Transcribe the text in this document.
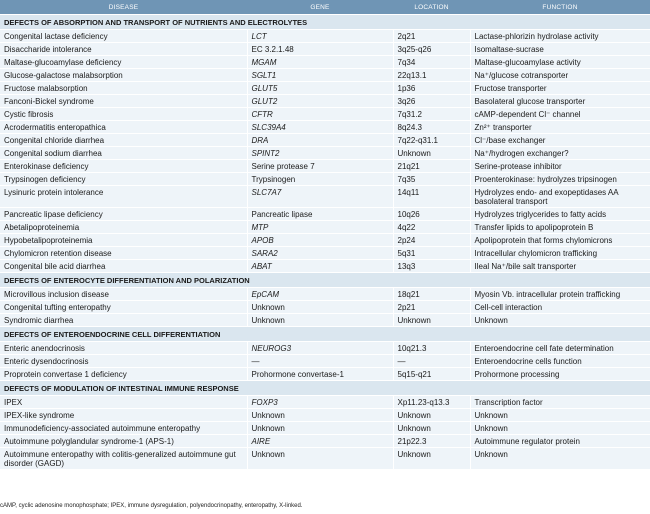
DISEASE	GENE	LOCATION	FUNCTION
DEFECTS OF ABSORPTION AND TRANSPORT OF NUTRIENTS AND ELECTROLYTES			
Congenital lactase deficiency	LCT	2q21	Lactase-phlorizin hydrolase activity
Disaccharide intolerance	EC 3.2.1.48	3q25-q26	Isomaltase-sucrase
Maltase-glucoamylase deficiency	MGAM	7q34	Maltase-glucoamylase activity
Glucose-galactose malabsorption	SGLT1	22q13.1	Na⁺/glucose cotransporter
Fructose malabsorption	GLUT5	1p36	Fructose transporter
Fanconi-Bickel syndrome	GLUT2	3q26	Basolateral glucose transporter
Cystic fibrosis	CFTR	7q31.2	cAMP-dependent Cl⁻ channel
Acrodermatitis enteropathica	SLC39A4	8q24.3	Zn²⁺ transporter
Congenital chloride diarrhea	DRA	7q22-q31.1	Cl⁻/base exchanger
Congenital sodium diarrhea	SPINT2	Unknown	Na⁺/hydrogen exchanger?
Enterokinase deficiency	Serine protease 7	21q21	Serine-protease inhibitor
Trypsinogen deficiency	Trypsinogen	7q35	Proenterokinase: hydrolyzes tripsinogen
Lysinuric protein intolerance	SLC7A7	14q11	Hydrolyzes endo- and exopeptidases AA basolateral transport
Pancreatic lipase deficiency	Pancreatic lipase	10q26	Hydrolyzes triglycerides to fatty acids
Abetalipoproteinemia	MTP	4q22	Transfer lipids to apolipoprotein B
Hypobetalipoproteinemia	APOB	2p24	Apolipoprotein that forms chylomicrons
Chylomicron retention disease	SARA2	5q31	Intracellular chylomicron trafficking
Congenital bile acid diarrhea	ABAT	13q3	Ileal Na⁺/bile salt transporter
DEFECTS OF ENTEROCYTE DIFFERENTIATION AND POLARIZATION			
Microvillous inclusion disease	EpCAM	18q21	Myosin Vb. intracellular protein trafficking
Congenital tufting enteropathy	Unknown	2p21	Cell-cell interaction
Syndromic diarrhea	Unknown	Unknown	Unknown
DEFECTS OF ENTEROENDOCRINE CELL DIFFERENTIATION			
Enteric anendocrinosis	NEUROG3	10q21.3	Enteroendocrine cell fate determination
Enteric dysendocrinosis	—	—	Enteroendocrine cells function
Proprotein convertase 1 deficiency	Prohormone convertase-1	5q15-q21	Prohormone processing
DEFECTS OF MODULATION OF INTESTINAL IMMUNE RESPONSE			
IPEX	FOXP3	Xp11.23-q13.3	Transcription factor
IPEX-like syndrome	Unknown	Unknown	Unknown
Immunodeficiency-associated autoimmune enteropathy	Unknown	Unknown	Unknown
Autoimmune polyglandular syndrome-1 (APS-1)	AIRE	21p22.3	Autoimmune regulator protein
Autoimmune enteropathy with colitis-generalized autoimmune gut disorder (GAGD)	Unknown	Unknown	Unknown
cAMP, cyclic adenosine monophosphate; IPEX, immune dysregulation, polyendocrinopathy, enteropathy, X-linked.
